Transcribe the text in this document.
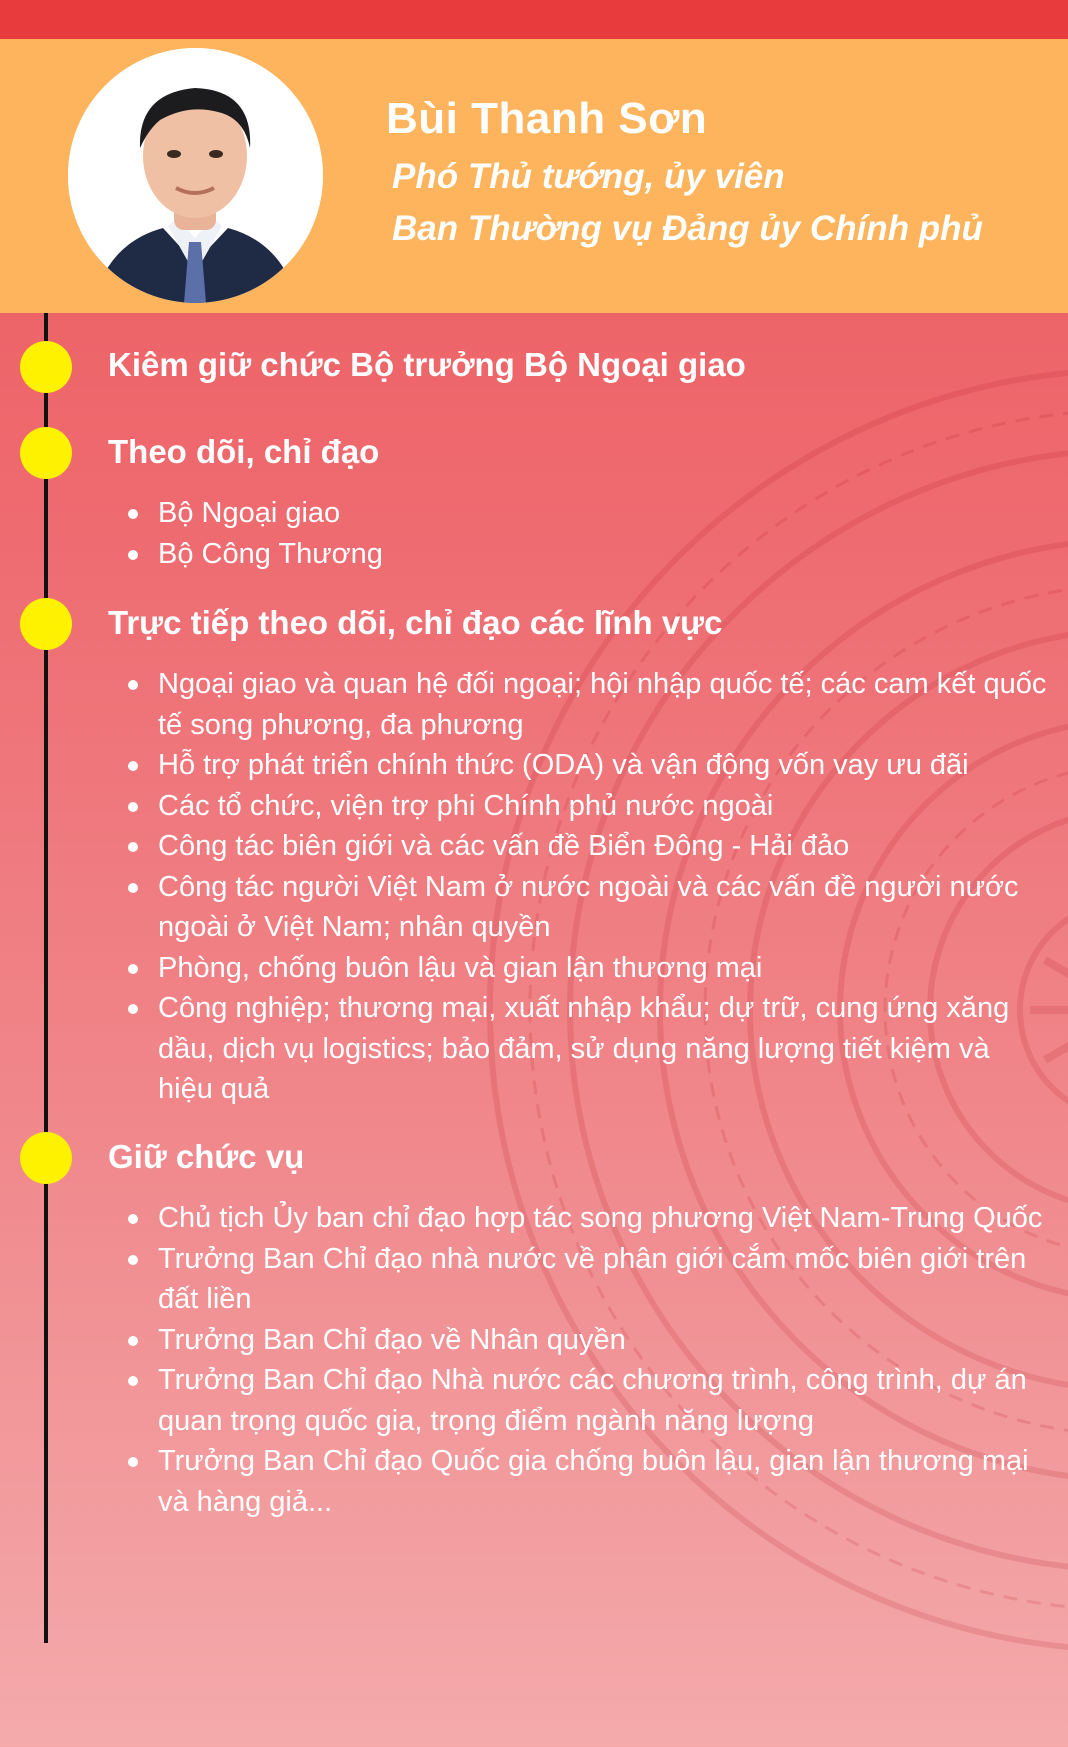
Bùi Thanh Sơn
Phó Thủ tướng, ủy viên
Ban Thường vụ Đảng ủy Chính phủ
Kiêm giữ chức Bộ trưởng Bộ Ngoại giao
Theo dõi, chỉ đạo
Bộ Ngoại giao
Bộ Công Thương
Trực tiếp theo dõi, chỉ đạo các lĩnh vực
Ngoại giao và quan hệ đối ngoại; hội nhập quốc tế; các cam kết quốc tế song phương, đa phương
Hỗ trợ phát triển chính thức (ODA) và vận động vốn vay ưu đãi
Các tổ chức, viện trợ phi Chính phủ nước ngoài
Công tác biên giới và các vấn đề Biển Đông - Hải đảo
Công tác người Việt Nam ở nước ngoài và các vấn đề người nước ngoài ở Việt Nam; nhân quyền
Phòng, chống buôn lậu và gian lận thương mại
Công nghiệp; thương mại, xuất nhập khẩu; dự trữ, cung ứng xăng dầu, dịch vụ logistics; bảo đảm, sử dụng năng lượng tiết kiệm và hiệu quả
Giữ chức vụ
Chủ tịch Ủy ban chỉ đạo hợp tác song phương Việt Nam-Trung Quốc
Trưởng Ban Chỉ đạo nhà nước về phân giới cắm mốc biên giới trên đất liền
Trưởng Ban Chỉ đạo về Nhân quyền
Trưởng Ban Chỉ đạo Nhà nước các chương trình, công trình, dự án quan trọng quốc gia, trọng điểm ngành năng lượng
Trưởng Ban Chỉ đạo Quốc gia chống buôn lậu, gian lận thương mại và hàng giả...
